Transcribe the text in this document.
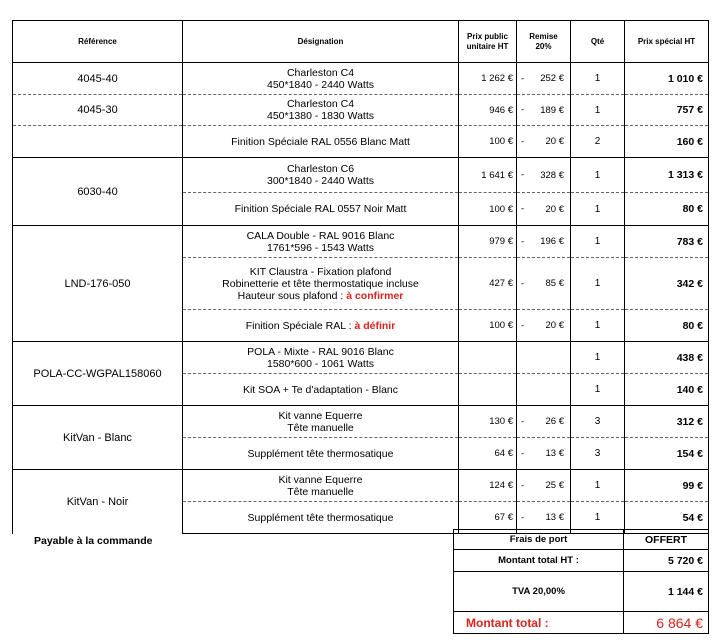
Référence	Désignation	Prix public
unitaire HT	Remise 20%	Qté	Prix spécial HT
4045-40	Charleston C4
450*1840 - 2440 Watts	1 262 €	- 252 €	1	1 010 €
4045-30	Charleston C4
450*1380 - 1830 Watts	946 €	- 189 €	1	757 €
	Finition Spéciale RAL 0556 Blanc Matt	100 €	- 20 €	2	160 €
6030-40	Charleston C6
300*1840 - 2440 Watts	1 641 €	- 328 €	1	1 313 €
	Finition Spéciale RAL 0557 Noir Matt	100 €	- 20 €	1	80 €
LND-176-050	CALA Double - RAL 9016 Blanc
1761*596 - 1543 Watts	979 €	- 196 €	1	783 €
	KIT Claustra - Fixation plafond
Robinetterie et tête thermostatique incluse
Hauteur sous plafond : à confirmer	427 €	- 85 €	1	342 €
	Finition Spéciale RAL : à définir	100 €	- 20 €	1	80 €
POLA-CC-WGPAL158060	POLA - Mixte - RAL 9016 Blanc
1580*600 - 1061 Watts			1	438 €
	Kit SOA + Te d'adaptation - Blanc			1	140 €
KitVan - Blanc	Kit vanne Equerre
Tête manuelle	130 €	- 26 €	3	312 €
	Supplément tête thermosatique	64 €	- 13 €	3	154 €
KitVan - Noir	Kit vanne Equerre
Tête manuelle	124 €	- 25 €	1	99 €
	Supplément tête thermosatique	67 €	- 13 €	1	54 €
Payable à la commande	Frais de port	OFFERT
Montant total HT :	5 720 €
TVA 20,00%	1 144 €
Montant total :	6 864 €
